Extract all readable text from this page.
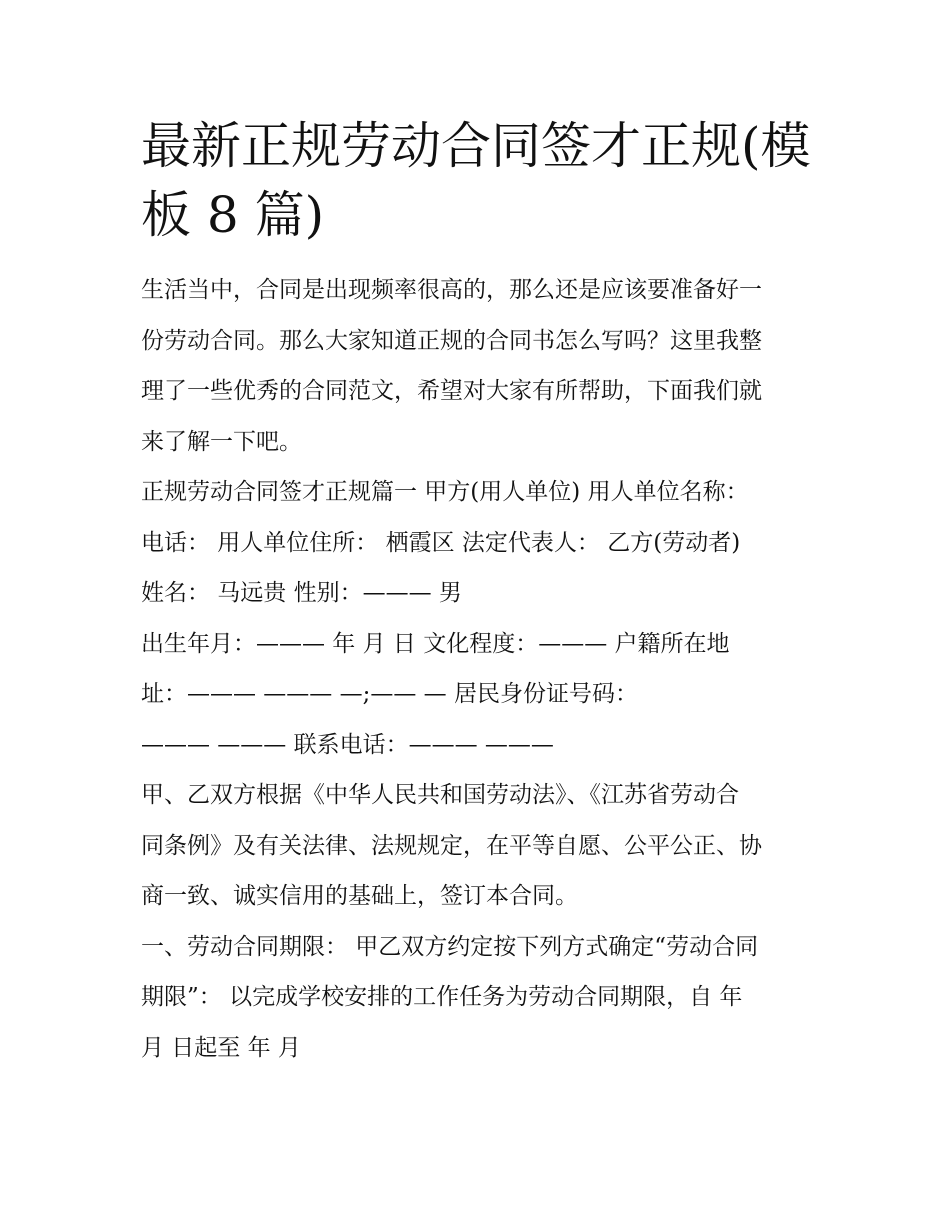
最新正规劳动合同签才正规(模
板 8 篇)
生活当中，合同是出现频率很高的，那么还是应该要准备好一
份劳动合同。那么大家知道正规的合同书怎么写吗？这里我整
理了一些优秀的合同范文，希望对大家有所帮助，下面我们就
来了解一下吧。
正规劳动合同签才正规篇一 甲方(用人单位) 用人单位名称：
电话： 用人单位住所： 栖霞区 法定代表人： 乙方(劳动者)
姓名： 马远贵 性别：——— 男
出生年月：——— 年 月 日 文化程度：——— 户籍所在地
址：——— ——— —;—— — 居民身份证号码：
——— ——— 联系电话：——— ———
甲、乙双方根据《中华人民共和国劳动法》、《江苏省劳动合
同条例》及有关法律、法规规定，在平等自愿、公平公正、协
商一致、诚实信用的基础上，签订本合同。
一、劳动合同期限： 甲乙双方约定按下列方式确定“劳动合同
期限”： 以完成学校安排的工作任务为劳动合同期限，自 年
月 日起至 年 月
